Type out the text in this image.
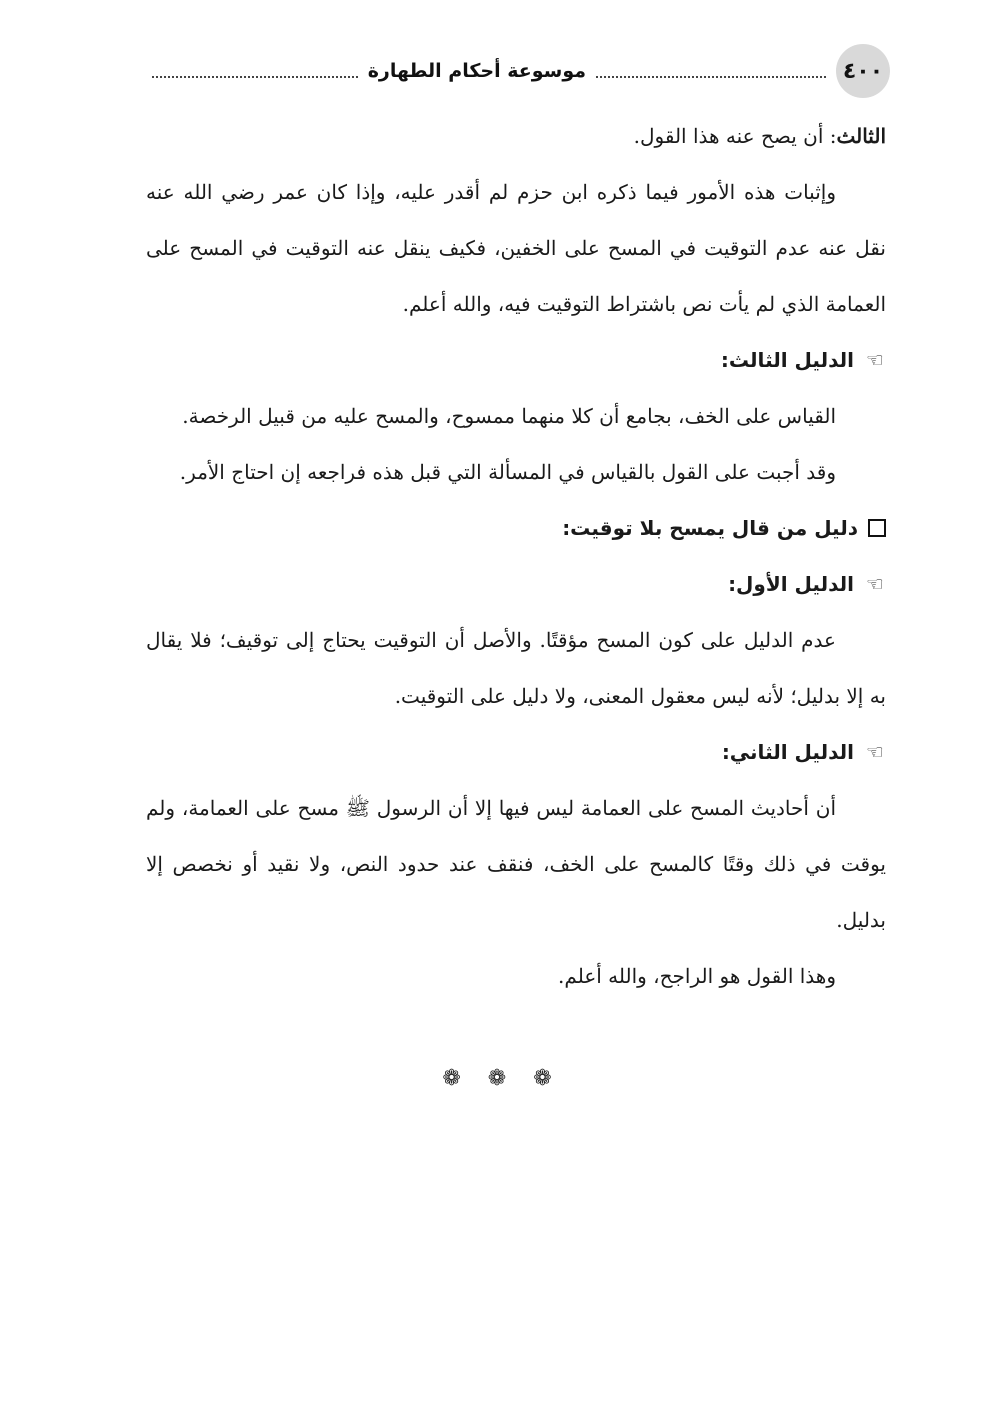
٤٠٠
موسوعة أحكام الطهارة

الثالث: أن يصح عنه هذا القول.

وإثبات هذه الأمور فيما ذكره ابن حزم لم أقدر عليه، وإذا كان عمر رضي الله عنه نقل عنه عدم التوقيت في المسح على الخفين، فكيف ينقل عنه التوقيت في المسح على العمامة الذي لم يأت نص باشتراط التوقيت فيه، والله أعلم.

☜الدليل الثالث:

القياس على الخف، بجامع أن كلا منهما ممسوح، والمسح عليه من قبيل الرخصة.

وقد أجبت على القول بالقياس في المسألة التي قبل هذه فراجعه إن احتاج الأمر.

دليل من قال يمسح بلا توقيت:

☜الدليل الأول:

عدم الدليل على كون المسح مؤقتًا. والأصل أن التوقيت يحتاج إلى توقيف؛ فلا يقال به إلا بدليل؛ لأنه ليس معقول المعنى، ولا دليل على التوقيت.

☜الدليل الثاني:

أن أحاديث المسح على العمامة ليس فيها إلا أن الرسول ﷺ مسح على العمامة، ولم يوقت في ذلك وقتًا كالمسح على الخف، فنقف عند حدود النص، ولا نقيد أو نخصص إلا بدليل.

وهذا القول هو الراجح، والله أعلم.

❁ ❁ ❁
